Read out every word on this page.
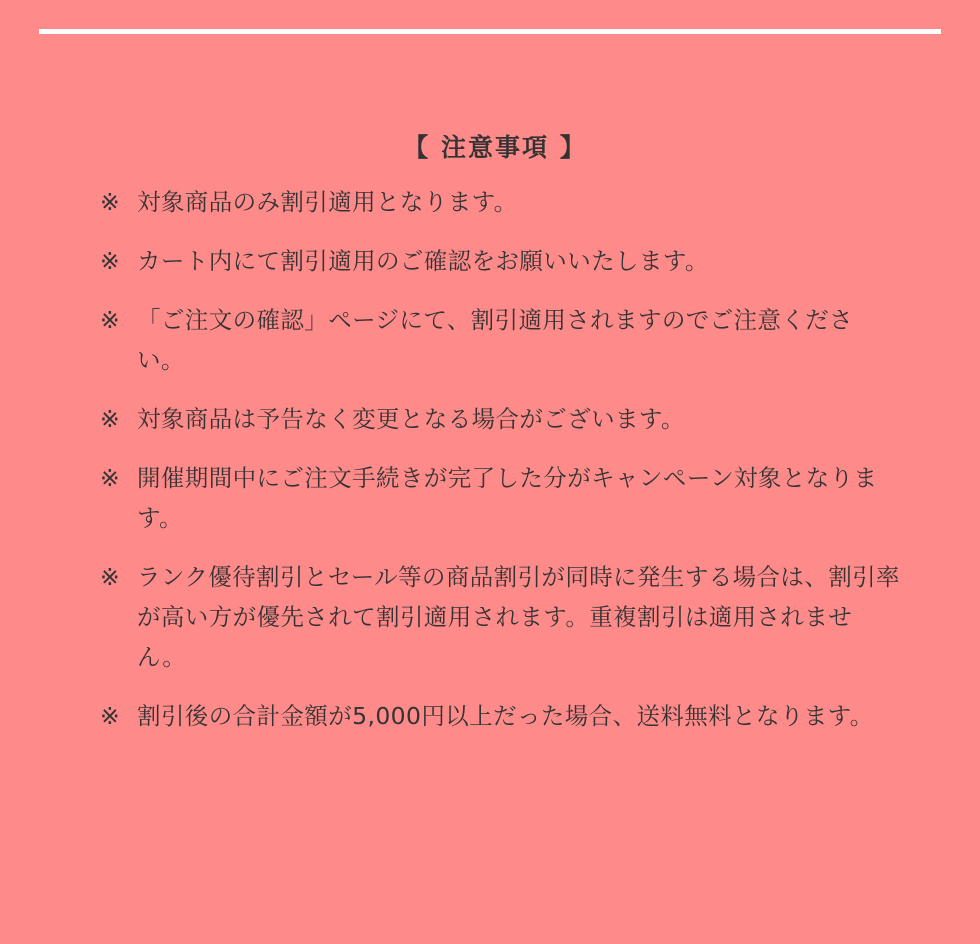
【 注意事項 】
※ 対象商品のみ割引適用となります。
※ カート内にて割引適用のご確認をお願いいたします。
※ 「ご注文の確認」ページにて、割引適用されますのでご注意ください。
※ 対象商品は予告なく変更となる場合がございます。
※ 開催期間中にご注文手続きが完了した分がキャンペーン対象となります。
※ ランク優待割引とセール等の商品割引が同時に発生する場合は、割引率が高い方が優先されて割引適用されます。重複割引は適用されません。
※ 割引後の合計金額が5,000円以上だった場合、送料無料となります。
